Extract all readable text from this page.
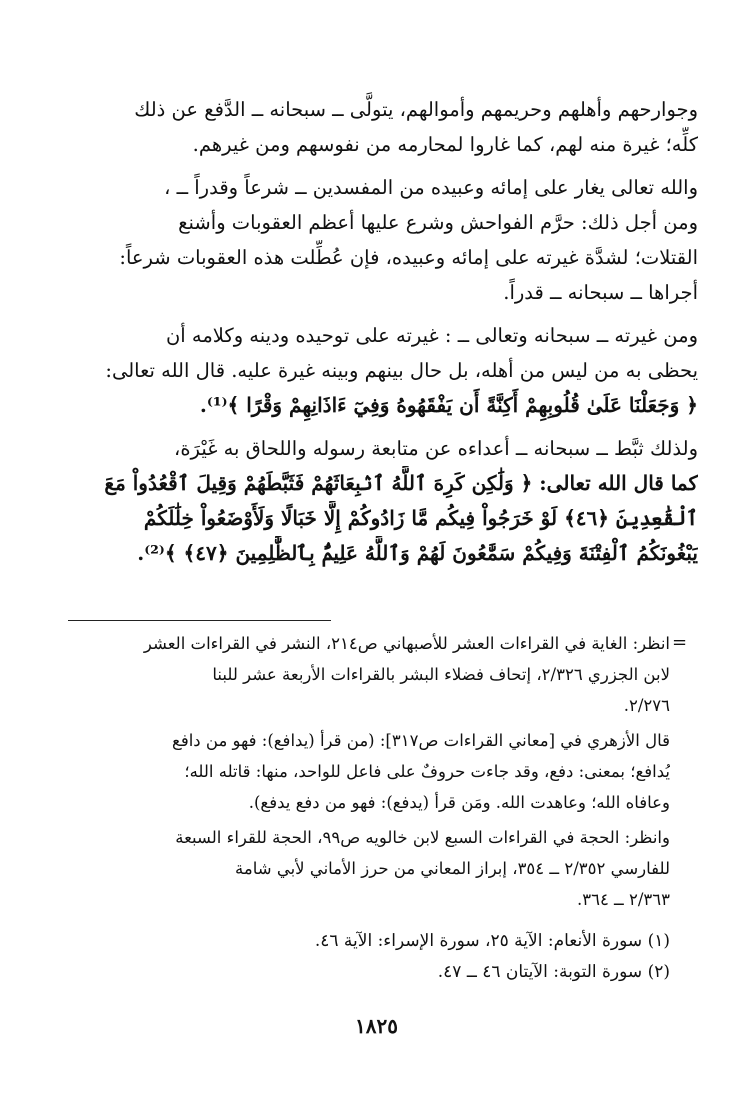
وجوارحهم وأهلهم وحريمهم وأموالهم، يتولَّى ــ سبحانه ــ الدَّفع عن ذلك
كلِّه؛ غيرة منه لهم، كما غاروا لمحارمه من نفوسهم ومن غيرهم.

والله تعالى يغار على إمائه وعبيده من المفسدين ــ شرعاً وقدراً ــ ،
ومن أجل ذلك: حرَّم الفواحش وشرع عليها أعظم العقوبات وأشنع
القتلات؛ لشدَّة غيرته على إمائه وعبيده، فإن عُطِّلت هذه العقوبات شرعاً:
أجراها ــ سبحانه ــ قدراً.

ومن غيرته ــ سبحانه وتعالى ــ : غيرته على توحيده ودينه وكلامه أن
يحظى به من ليس من أهله، بل حال بينهم وبينه غيرة عليه. قال الله تعالى:
﴿ وَجَعَلْنَا عَلَىٰ قُلُوبِهِمْ أَكِنَّةً أَن يَفْقَهُوهُ وَفِيٓ ءَاذَانِهِمْ وَقْرًا ﴾⁽¹⁾.

ولذلك ثبَّط ــ سبحانه ــ أعداءه عن متابعة رسوله واللحاق به غَيْرَة،
كما قال الله تعالى: ﴿ وَلَٰكِن كَرِهَ ٱللَّهُ ٱنۢبِعَاثَهُمْ فَثَبَّطَهُمْ وَقِيلَ ٱقْعُدُواْ مَعَ
ٱلْقَٰعِدِينَ ﴿٤٦﴾ لَوْ خَرَجُواْ فِيكُم مَّا زَادُوكُمْ إِلَّا خَبَالًا وَلَأَوْضَعُواْ خِلَٰلَكُمْ
يَبْغُونَكُمُ ٱلْفِتْنَةَ وَفِيكُمْ سَمَّٰعُونَ لَهُمْ وَٱللَّهُ عَلِيمٌۢ بِٱلظَّٰلِمِينَ ﴿٤٧﴾ ﴾⁽²⁾.

=
انظر: الغاية في القراءات العشر للأصبهاني ص٢١٤، النشر في القراءات العشر
لابن الجزري ٢/٣٢٦، إتحاف فضلاء البشر بالقراءات الأربعة عشر للبنا
٢/٢٧٦.
قال الأزهري في [معاني القراءات ص٣١٧]: (من قرأ (يدافع): فهو من دافع
يُدافع؛ بمعنى: دفع، وقد جاءت حروفٌ على فاعل للواحد، منها: قاتله الله؛
وعافاه الله؛ وعاهدت الله. ومَن قرأ (يدفع): فهو من دفع يدفع).
وانظر: الحجة في القراءات السبع لابن خالويه ص٩٩، الحجة للقراء السبعة
للفارسي ٢/٣٥٢ ــ ٣٥٤، إبراز المعاني من حرز الأماني لأبي شامة
٢/٣٦٣ ــ ٣٦٤.
(١) سورة الأنعام: الآية ٢٥، سورة الإسراء: الآية ٤٦.
(٢) سورة التوبة: الآيتان ٤٦ ــ ٤٧.
١٨٢٥
